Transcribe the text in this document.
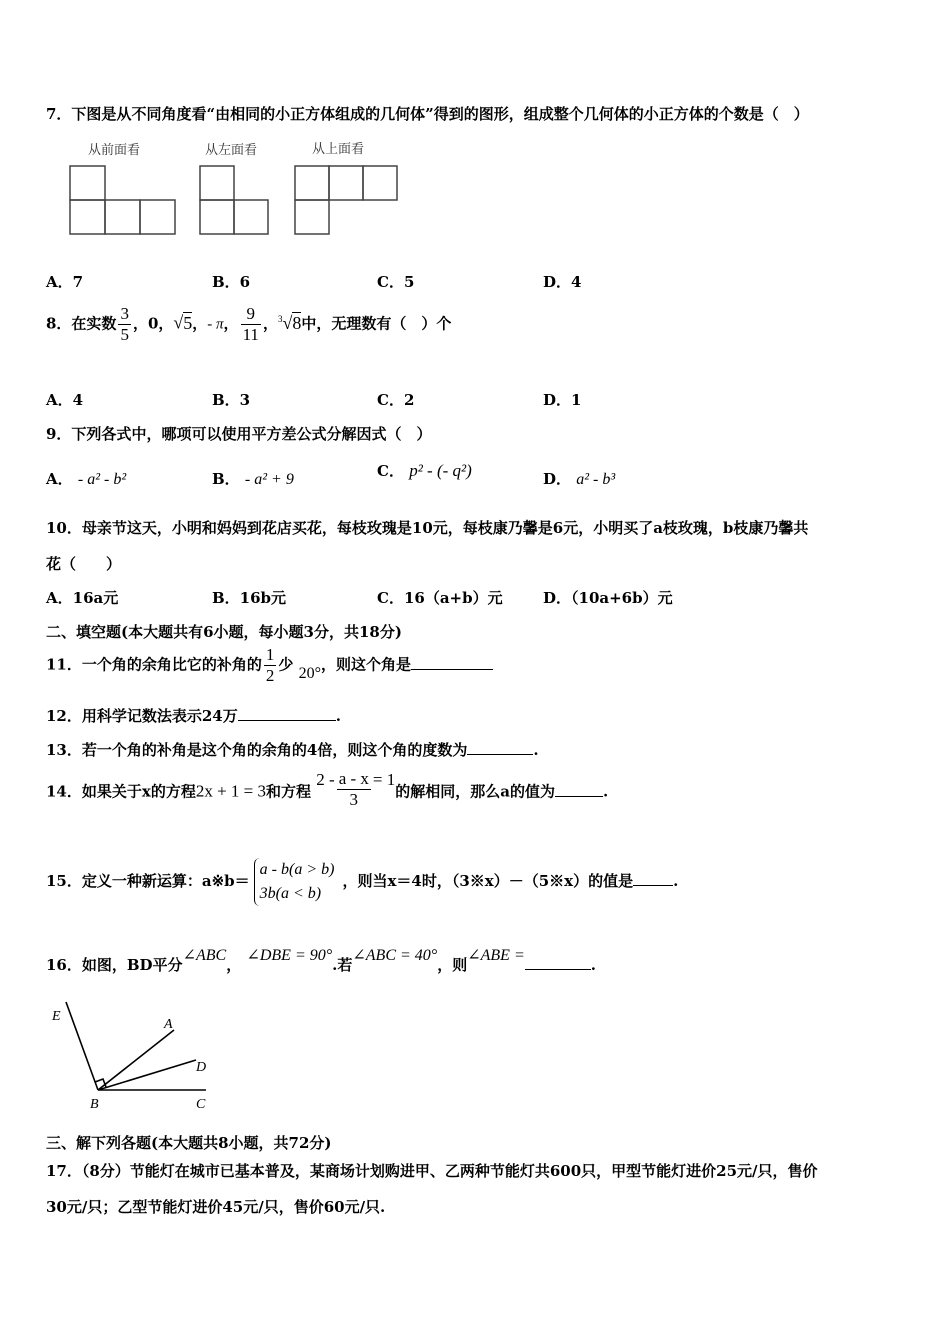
7．下图是从不同角度看“由相同的小正方体组成的几何体”得到的图形，组成整个几何体的小正方体的个数是（　）
从前面看	从左面看	从上面看
A．7	B．6	C．5	D．4
8．在实数 $\frac{3}{5}$ ，0，√5，- π， $\frac{9}{11}$ ，$^3$√8中，无理数有（　）个
A．4	B．3	C．2	D．1
9．下列各式中，哪项可以使用平方差公式分解因式（　）
A． - a² - b²	B． - a² + 9	C． p² - (- q²)	D． a² - b³
10．母亲节这天，小明和妈妈到花店买花，每枝玫瑰是10元，每枝康乃馨是6元，小明买了a枝玫瑰，b枝康乃馨共
花（　　）
A．16a元	B．16b元	C．16（a+b）元	D．（10a+6b）元
二、填空题(本大题共有6小题，每小题3分，共18分)
11．一个角的余角比它的补角的 $\frac{1}{2}$ 少 20°，则这个角是
12．用科学记数法表示24万	.
13．若一个角的补角是这个角的余角的4倍，则这个角的度数为	.
14．如果关于x的方程2x + 1 = 3和方程 $2 - \frac{a - x}{3} = 1$的解相同，那么a的值为	.
15．定义一种新运算：a※b＝
a - b(a > b)
3b(a < b)
，则当x＝4时，（3※x）－（5※x）的值是	.
16．如图，BD平分∠ABC， ∠DBE = 90°.若∠ABC = 40°，则∠ABE =.
E
A
D
B	C
三、解下列各题(本大题共8小题，共72分)
17．（8分）节能灯在城市已基本普及，某商场计划购进甲、乙两种节能灯共600只，甲型节能灯进价25元/只，售价
30元/只；乙型节能灯进价45元/只，售价60元/只.
